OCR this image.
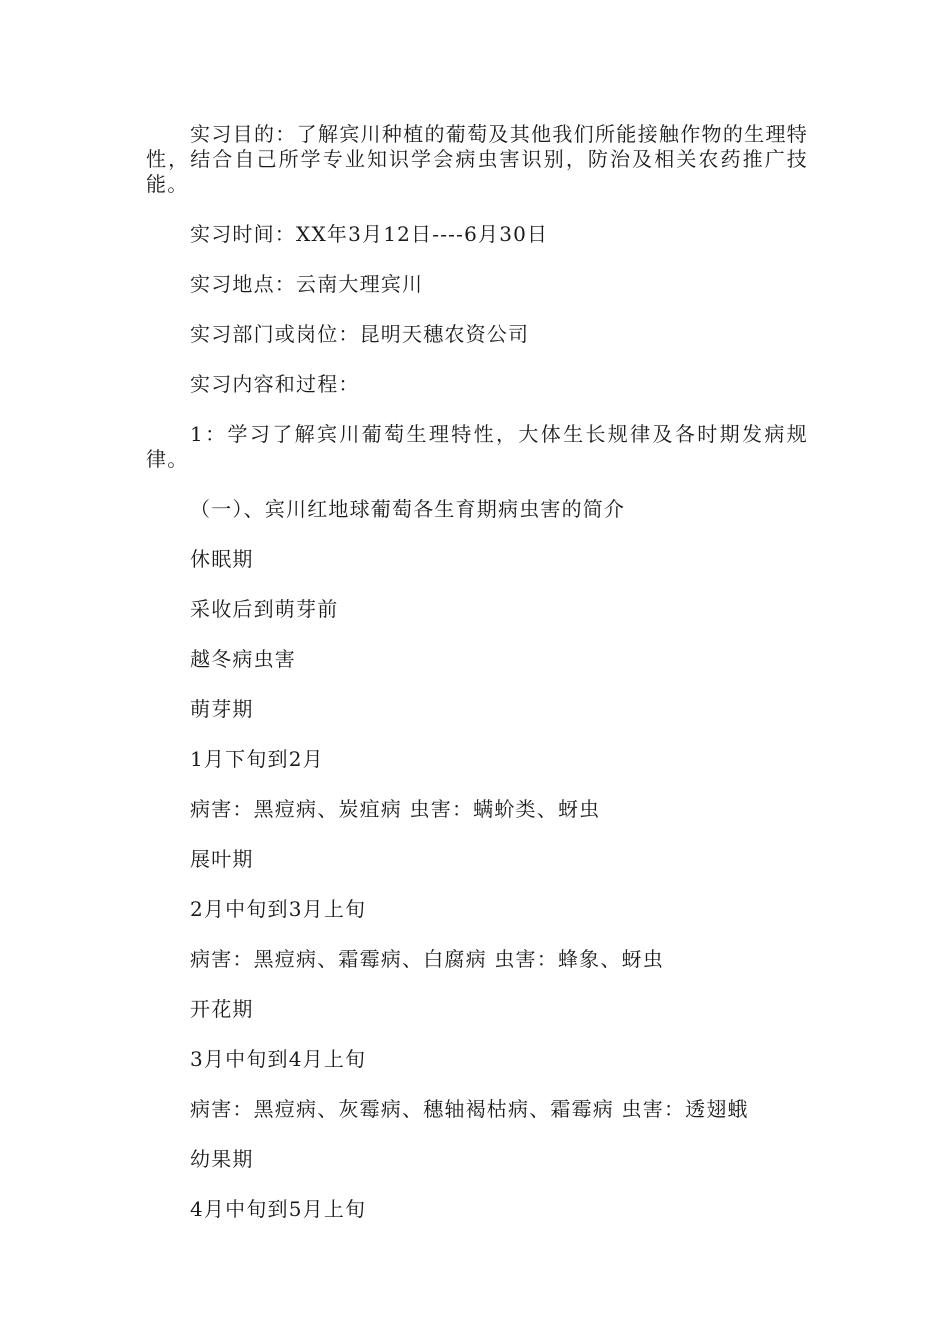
实习目的：了解宾川种植的葡萄及其他我们所能接触作物的生理特性，结合自己所学专业知识学会病虫害识别，防治及相关农药推广技能。

实习时间：XX年3月12日----6月30日

实习地点：云南大理宾川

实习部门或岗位：昆明天穗农资公司

实习内容和过程：

1：学习了解宾川葡萄生理特性，大体生长规律及各时期发病规律。

（一）、宾川红地球葡萄各生育期病虫害的简介

休眠期

采收后到萌芽前

越冬病虫害

萌芽期

1月下旬到2月

病害：黑痘病、炭疽病 虫害：螨蚧类、蚜虫

展叶期

2月中旬到3月上旬

病害：黑痘病、霜霉病、白腐病 虫害：蜂象、蚜虫

开花期

3月中旬到4月上旬

病害：黑痘病、灰霉病、穗轴褐枯病、霜霉病 虫害：透翅蛾

幼果期

4月中旬到5月上旬
